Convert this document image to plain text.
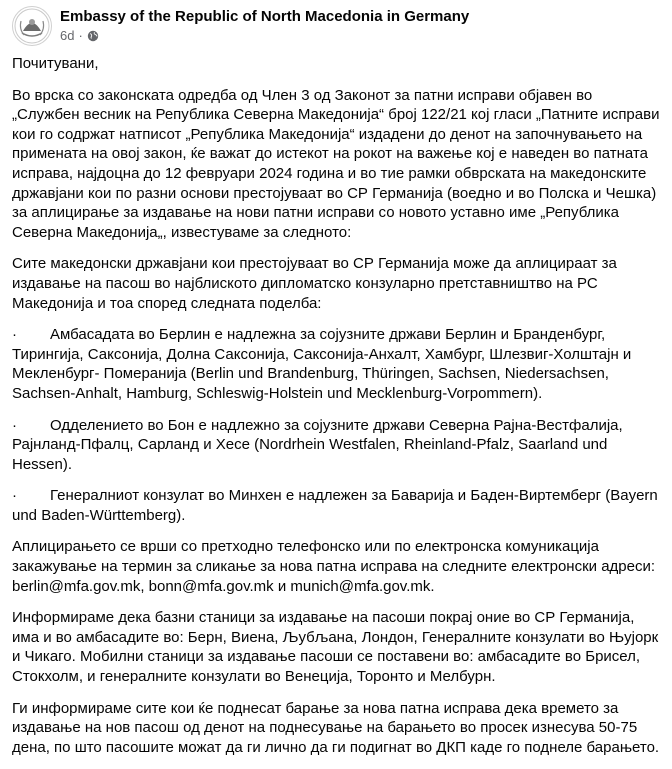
Embassy of the Republic of North Macedonia in Germany
6d ·

Почитувани,

Во врска со законската одредба од Член 3 од Законот за патни исправи објавен во „Службен весник на Република Северна Македонија“ број 122/21 кој гласи „Патните исправи кои го содржат натписот „Република Македонија“ издадени до денот на започнувањето на примената на овој закон, ќе важат до истекот на рокот на важење кој е наведен во патната исправа, најдоцна до 12 февруари 2024 година и во тие рамки обврската на македонските државјани кои по разни основи престојуваат во СР Германија (воедно и во Полска и Чешка) за аплицирање за издавање на нови патни исправи со новото уставно име „Република Северна Македонија„, известуваме за следното:

Сите македонски државјани кои престојуваат во СР Германија може да аплицираат за издавање на пасош во најблиското дипломатско конзуларно претставништво на РС Македонија и тоа според следната поделба:

· Амбасадата во Берлин е надлежна за сојузните држави Берлин и Бранденбург, Тирингија, Саксонија, Долна Саксонија, Саксонија-Анхалт, Хамбург, Шлезвиг-Холштајн и Мекленбург- Померанија (Berlin und Brandenburg, Thüringen, Sachsen, Niedersachsen, Sachsen-Anhalt, Hamburg, Schleswig-Holstein und Mecklenburg-Vorpommern).

· Одделението во Бон е надлежно за сојузните држави Северна Рајна-Вестфалија, Рајнланд-Пфалц, Сарланд и Хесе (Nordrhein Westfalen, Rheinland-Pfalz, Saarland und Hessen).

· Генералниот конзулат во Минхен е надлежен за Баварија и Баден-Виртемберг (Bayern und Baden-Württemberg).

Аплицирањето се врши со претходно телефонско или по електронска комуникација закажување на термин за сликање за нова патна исправа на следните електронски адреси: berlin@mfa.gov.mk, bonn@mfa.gov.mk и munich@mfa.gov.mk.

Информираме дека базни станици за издавање на пасоши покрај оние во СР Германија, има и во амбасадите во: Берн, Виена, Љубљана, Лондон, Генералните конзулати во Њујорк и Чикаго. Мобилни станици за издавање пасоши се поставени во: амбасадите во Брисел, Стокхолм, и генералните конзулати во Венеција, Торонто и Мелбурн.

Ги информираме сите кои ќе поднесат барање за нова патна исправа дека времето за издавање на нов пасош од денот на поднесување на барањето во просек изнесува 50-75 дена, по што пасошите можат да ги лично да ги подигнат во ДКП каде го поднеле барањето.
